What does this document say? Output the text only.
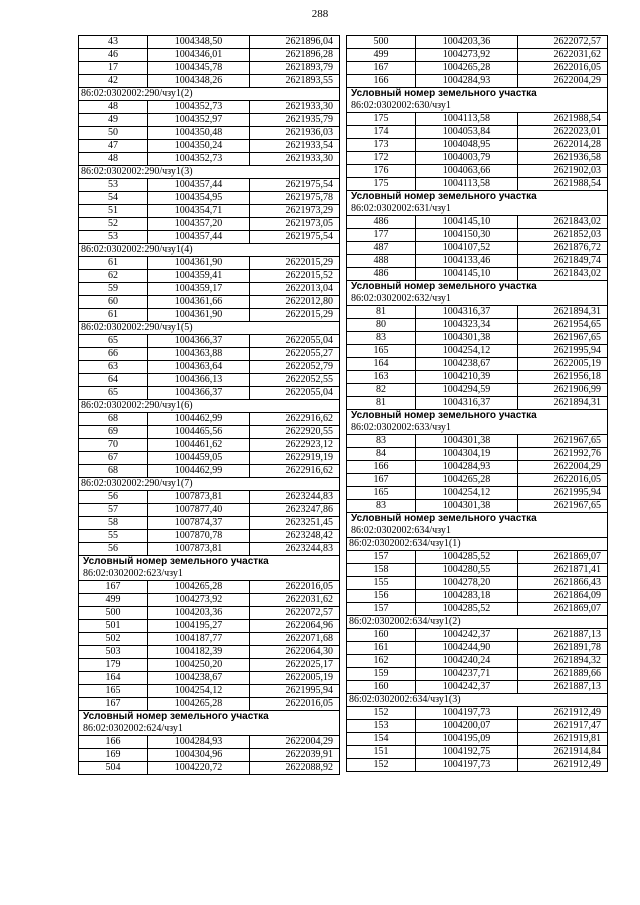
288
43	1004348,50	2621896,04
46	1004346,01	2621896,28
17	1004345,78	2621893,79
42	1004348,26	2621893,55
86:02:0302002:290/чзу1(2)		
48	1004352,73	2621933,30
49	1004352,97	2621935,79
50	1004350,48	2621936,03
47	1004350,24	2621933,54
48	1004352,73	2621933,30
86:02:0302002:290/чзу1(3)		
53	1004357,44	2621975,54
54	1004354,95	2621975,78
51	1004354,71	2621973,29
52	1004357,20	2621973,05
53	1004357,44	2621975,54
86:02:0302002:290/чзу1(4)		
61	1004361,90	2622015,29
62	1004359,41	2622015,52
59	1004359,17	2622013,04
60	1004361,66	2622012,80
61	1004361,90	2622015,29
86:02:0302002:290/чзу1(5)		
65	1004366,37	2622055,04
66	1004363,88	2622055,27
63	1004363,64	2622052,79
64	1004366,13	2622052,55
65	1004366,37	2622055,04
86:02:0302002:290/чзу1(6)		
68	1004462,99	2622916,62
69	1004465,56	2622920,55
70	1004461,62	2622923,12
67	1004459,05	2622919,19
68	1004462,99	2622916,62
86:02:0302002:290/чзу1(7)		
56	1007873,81	2623244,83
57	1007877,40	2623247,86
58	1007874,37	2623251,45
55	1007870,78	2623248,42
56	1007873,81	2623244,83
Условный номер земельного участка		
86:02:0302002:623/чзу1		
167	1004265,28	2622016,05
499	1004273,92	2622031,62
500	1004203,36	2622072,57
501	1004195,27	2622064,96
502	1004187,77	2622071,68
503	1004182,39	2622064,30
179	1004250,20	2622025,17
164	1004238,67	2622005,19
165	1004254,12	2621995,94
167	1004265,28	2622016,05
Условный номер земельного участка		
86:02:0302002:624/чзу1		
166	1004284,93	2622004,29
169	1004304,96	2622039,91
504	1004220,72	2622088,92
500	1004203,36	2622072,57
499	1004273,92	2622031,62
167	1004265,28	2622016,05
166	1004284,93	2622004,29
Условный номер земельного участка		
86:02:0302002:630/чзу1		
175	1004113,58	2621988,54
174	1004053,84	2622023,01
173	1004048,95	2622014,28
172	1004003,79	2621936,58
176	1004063,66	2621902,03
175	1004113,58	2621988,54
Условный номер земельного участка		
86:02:0302002:631/чзу1		
486	1004145,10	2621843,02
177	1004150,30	2621852,03
487	1004107,52	2621876,72
488	1004133,46	2621849,74
486	1004145,10	2621843,02
Условный номер земельного участка		
86:02:0302002:632/чзу1		
81	1004316,37	2621894,31
80	1004323,34	2621954,65
83	1004301,38	2621967,65
165	1004254,12	2621995,94
164	1004238,67	2622005,19
163	1004210,39	2621956,18
82	1004294,59	2621906,99
81	1004316,37	2621894,31
Условный номер земельного участка		
86:02:0302002:633/чзу1		
83	1004301,38	2621967,65
84	1004304,19	2621992,76
166	1004284,93	2622004,29
167	1004265,28	2622016,05
165	1004254,12	2621995,94
83	1004301,38	2621967,65
Условный номер земельного участка		
86:02:0302002:634/чзу1		
86:02:0302002:634/чзу1(1)		
157	1004285,52	2621869,07
158	1004280,55	2621871,41
155	1004278,20	2621866,43
156	1004283,18	2621864,09
157	1004285,52	2621869,07
86:02:0302002:634/чзу1(2)		
160	1004242,37	2621887,13
161	1004244,90	2621891,78
162	1004240,24	2621894,32
159	1004237,71	2621889,66
160	1004242,37	2621887,13
86:02:0302002:634/чзу1(3)		
152	1004197,73	2621912,49
153	1004200,07	2621917,47
154	1004195,09	2621919,81
151	1004192,75	2621914,84
152	1004197,73	2621912,49
